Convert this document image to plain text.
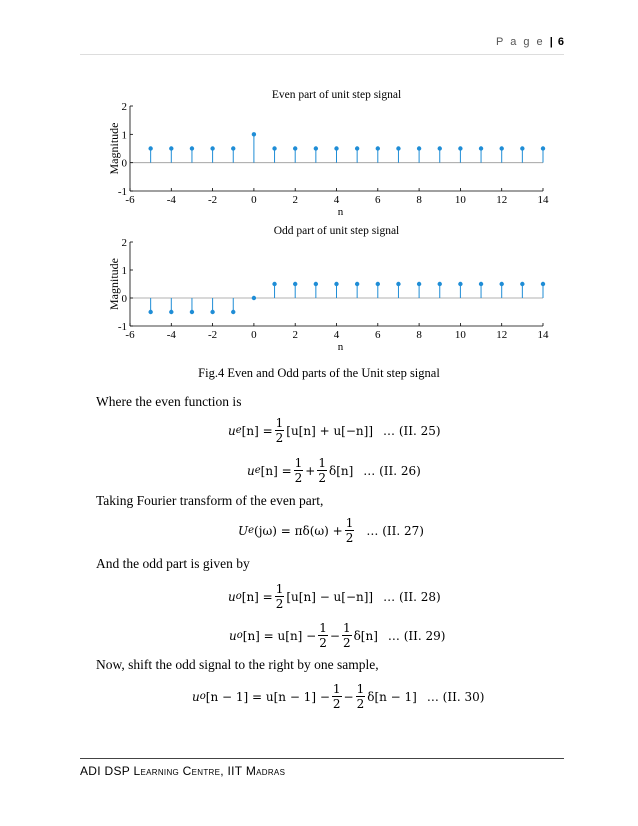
P a g e | 6
Even part of unit step signal
-6	-4	-2	0	2	4	6	8	10	12	14
-1
0
1
2
n
Magnitude
Odd part of unit step signal
-6	-4	-2	0	2	4	6	8	10	12	14
-1
0
1
2
n
Magnitude
Fig.4 Even and Odd parts of the Unit step signal
Where the even function is
u e $[n] = \frac{1}{2} [u[n] + u[-n]]$ … (II. 25)
u e $[n] = \frac{1}{2} + \frac{1}{2} \delta[n]$ … (II. 26)
Taking Fourier transform of the even part,
U e $(j\omega) = \pi\delta(\omega) + \frac{1}{2}$ … (II. 27)
And the odd part is given by
u o $[n] = \frac{1}{2} [u[n] - u[-n]]$ … (II. 28)
u o $[n] = u[n] - \frac{1}{2} - \frac{1}{2} \delta[n]$ … (II. 29)
Now, shift the odd signal to the right by one sample,
u o $[n - 1] = u[n - 1] - \frac{1}{2} - \frac{1}{2} \delta[n - 1]$ … (II. 30)
ADI DSP Learning Centre, IIT Madras
